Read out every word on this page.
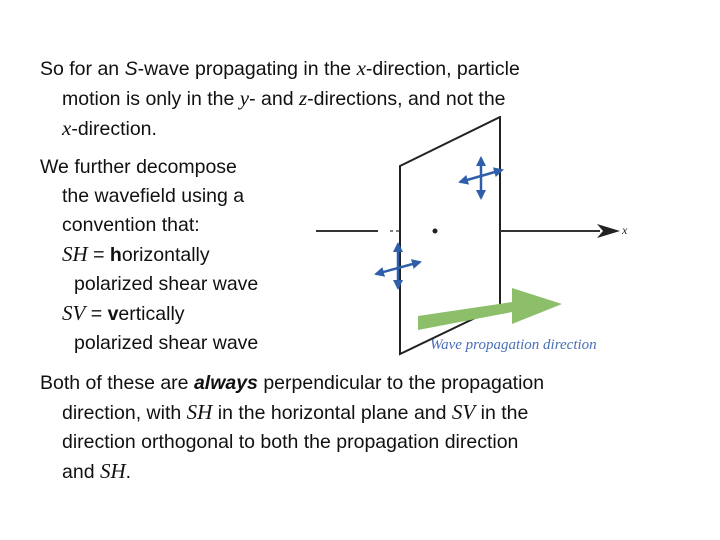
So for an S-wave propagating in the x-direction, particle
motion is only in the y- and z-directions, and not the
x-direction.
We further decompose
the wavefield using a
convention that:
SH = horizontally
polarized shear wave
SV = vertically
polarized shear wave
Both of these are always perpendicular to the propagation
direction, with SH in the horizontal plane and SV in the
direction orthogonal to both the propagation direction
and SH.
x
Wave propagation direction
